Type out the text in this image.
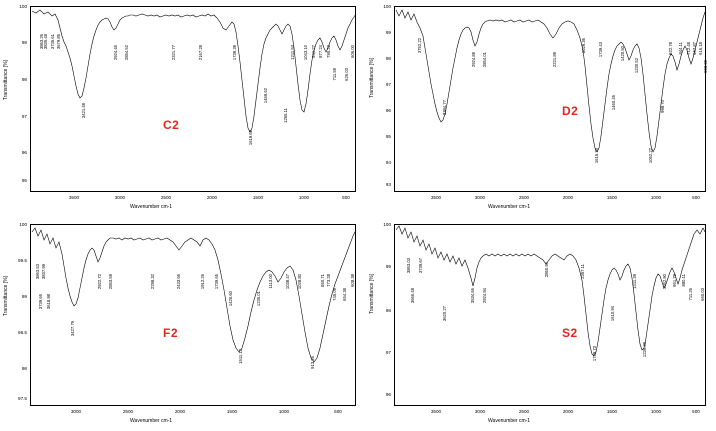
Transmittance [%]
Wavenumber cm-1
100
99
98
97
96
95
3500	3000	2500	2000	1500	1000	500
C2
3863.26 3835.48 3735.61 3679.85
3421.48
2924.45 2854.52	2321.77	2167.28	1739.39
1619.62
1459.62
1265.11
1211.53 1043.10 941.27 877.24 795.22
711.59 626.03
606.00
Transmittance [%]
Wavenumber cm-1
100
99
98
97
96
95
94
93
3500	3000	2500	2000	1500	1000	500
D2
3752.22
3384.77
2924.89 2854.01	2221.89
2029.36	1739.43
1616.73
1460.45
1420.50
1230.52
1052.22
998.70
922.78 844.11 712.48 667.87 616.18
598.90
Transmittance [%]
Wavenumber cm-1
100
99.5
99
98.5
98
97.5
3000	2500	2000	1500	1000	500
F2
3863.53 3837.99
3739.65 3618.98
3427.79
2922.72 2853.59	2298.32	2433.66	1912.26 1739.65
1426.60
1511.13
1235.01
1113.00	1038.47 1028.80
913.26
860.71 773.28
745.09 654.38
608.38	Transmittance [%]
Wavenumber cm-1
100
99
98
97
96
3500	3000	2500	2000	1500	1000	500
S2
3863.03 3739.67
3666.48
3620.27
3534.66 2924.94
2860.94	2357.11
1739.73
1610.94
1411.39
1236.33
1052.90 951.79 880.11
711.26 660.03
